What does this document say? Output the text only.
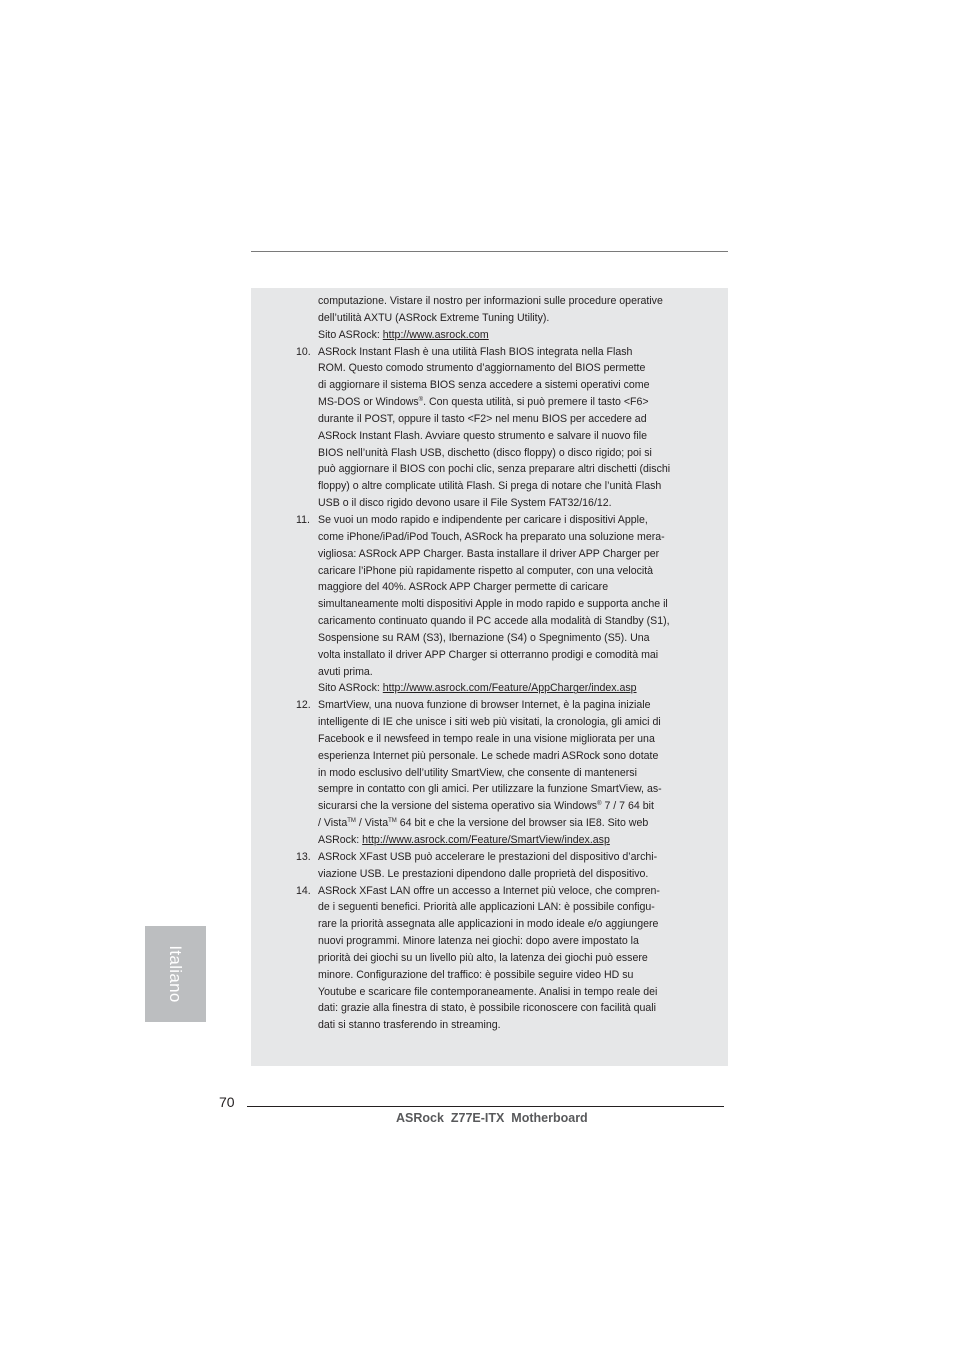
computazione. Vistare il nostro per informazioni sulle procedure operative
dell’utilità AXTU (ASRock Extreme Tuning Utility).
Sito ASRock: http://www.asrock.com
10. ASRock Instant Flash è una utilità Flash BIOS integrata nella Flash
ROM. Questo comodo strumento d’aggiornamento del BIOS permette
di aggiornare il sistema BIOS senza accedere a sistemi operativi come
MS-DOS or Windows®. Con questa utilità, si può premere il tasto <F6>
durante il POST, oppure il tasto <F2> nel menu BIOS per accedere ad
ASRock Instant Flash. Avviare questo strumento e salvare il nuovo file
BIOS nell’unità Flash USB, dischetto (disco floppy) o disco rigido; poi si
può aggiornare il BIOS con pochi clic, senza preparare altri dischetti (dischi
floppy) o altre complicate utilità Flash. Si prega di notare che l’unità Flash
USB o il disco rigido devono usare il File System FAT32/16/12.
11. Se vuoi un modo rapido e indipendente per caricare i dispositivi Apple,
come iPhone/iPad/iPod Touch, ASRock ha preparato una soluzione mera-
vigliosa: ASRock APP Charger. Basta installare il driver APP Charger per
caricare l’iPhone più rapidamente rispetto al computer, con una velocità
maggiore del 40%. ASRock APP Charger permette di caricare
simultaneamente molti dispositivi Apple in modo rapido e supporta anche il
caricamento continuato quando il PC accede alla modalità di Standby (S1),
Sospensione su RAM (S3), Ibernazione (S4) o Spegnimento (S5). Una
volta installato il driver APP Charger si otterranno prodigi e comodità mai
avuti prima.
Sito ASRock: http://www.asrock.com/Feature/AppCharger/index.asp
12. SmartView, una nuova funzione di browser Internet, è la pagina iniziale
intelligente di IE che unisce i siti web più visitati, la cronologia, gli amici di
Facebook e il newsfeed in tempo reale in una visione migliorata per una
esperienza Internet più personale. Le schede madri ASRock sono dotate
in modo esclusivo dell’utility SmartView, che consente di mantenersi
sempre in contatto con gli amici. Per utilizzare la funzione SmartView, as-
sicurarsi che la versione del sistema operativo sia Windows® 7 / 7 64 bit
/ Vista™ / Vista™ 64 bit e che la versione del browser sia IE8. Sito web
ASRock: http://www.asrock.com/Feature/SmartView/index.asp
13. ASRock XFast USB può accelerare le prestazioni del dispositivo d’archi-
viazione USB. Le prestazioni dipendono dalle proprietà del dispositivo.
14. ASRock XFast LAN offre un accesso a Internet più veloce, che compren-
de i seguenti benefici. Priorità alle applicazioni LAN: è possibile configu-
rare la priorità assegnata alle applicazioni in modo ideale e/o aggiungere
nuovi programmi. Minore latenza nei giochi: dopo avere impostato la
priorità dei giochi su un livello più alto, la latenza dei giochi può essere
minore. Configurazione del traffico: è possibile seguire video HD su
Youtube e scaricare file contemporaneamente. Analisi in tempo reale dei
dati: grazie alla finestra di stato, è possibile riconoscere con facilità quali
dati si stanno trasferendo in streaming.
Italiano
70
ASRock  Z77E-ITX  Motherboard
